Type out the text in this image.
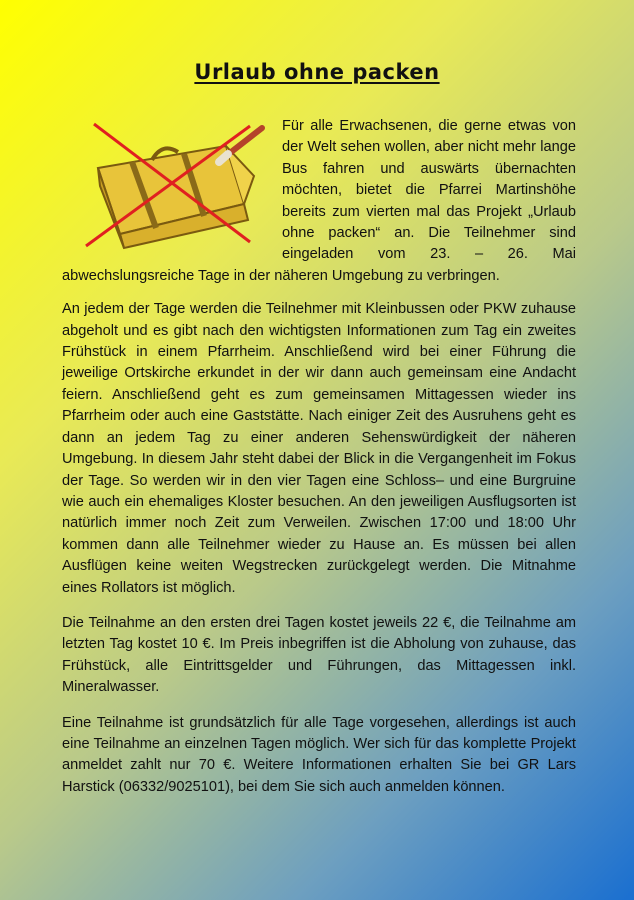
Urlaub ohne packen

Für alle Erwachsenen, die gerne etwas von der Welt sehen wollen, aber nicht mehr lange Bus fahren und auswärts übernachten möchten, bietet die Pfarrei Martinshöhe bereits zum vierten mal das Projekt „Urlaub ohne packen“ an. Die Teilnehmer sind eingeladen vom 23. – 26. Mai abwechslungsreiche Tage in der näheren Umgebung zu verbringen.

An jedem der Tage werden die Teilnehmer mit Kleinbussen oder PKW zuhause abgeholt und es gibt nach den wichtigsten Informationen zum Tag ein zweites Frühstück in einem Pfarrheim. Anschließend wird bei einer Führung die jeweilige Ortskirche erkundet in der wir dann auch gemeinsam eine Andacht feiern. Anschließend geht es zum gemeinsamen Mittagessen wieder ins Pfarrheim oder auch eine Gaststätte. Nach einiger Zeit des Ausruhens geht es dann an jedem Tag zu einer anderen Sehenswürdigkeit der näheren Umgebung. In diesem Jahr steht dabei der Blick in die Vergangenheit im Fokus der Tage. So werden wir in den vier Tagen eine Schloss– und eine Burgruine wie auch ein ehemaliges Kloster besuchen. An den jeweiligen Ausflugsorten ist natürlich immer noch Zeit zum Verweilen. Zwischen 17:00 und 18:00 Uhr kommen dann alle Teilnehmer wieder zu Hause an. Es müssen bei allen Ausflügen keine weiten Wegstrecken zurückgelegt werden. Die Mitnahme eines Rollators ist möglich.

Die Teilnahme an den ersten drei Tagen kostet jeweils 22 €, die Teilnahme am letzten Tag kostet 10 €. Im Preis inbegriffen ist die Abholung von zuhause, das Frühstück, alle Eintrittsgelder und Führungen, das Mittagessen inkl. Mineralwasser.

Eine Teilnahme ist grundsätzlich für alle Tage vorgesehen, allerdings ist auch eine Teilnahme an einzelnen Tagen möglich. Wer sich für das komplette Projekt anmeldet zahlt nur 70 €. Weitere Informationen erhalten Sie bei GR Lars Harstick (06332/9025101), bei dem Sie sich auch anmelden können.
